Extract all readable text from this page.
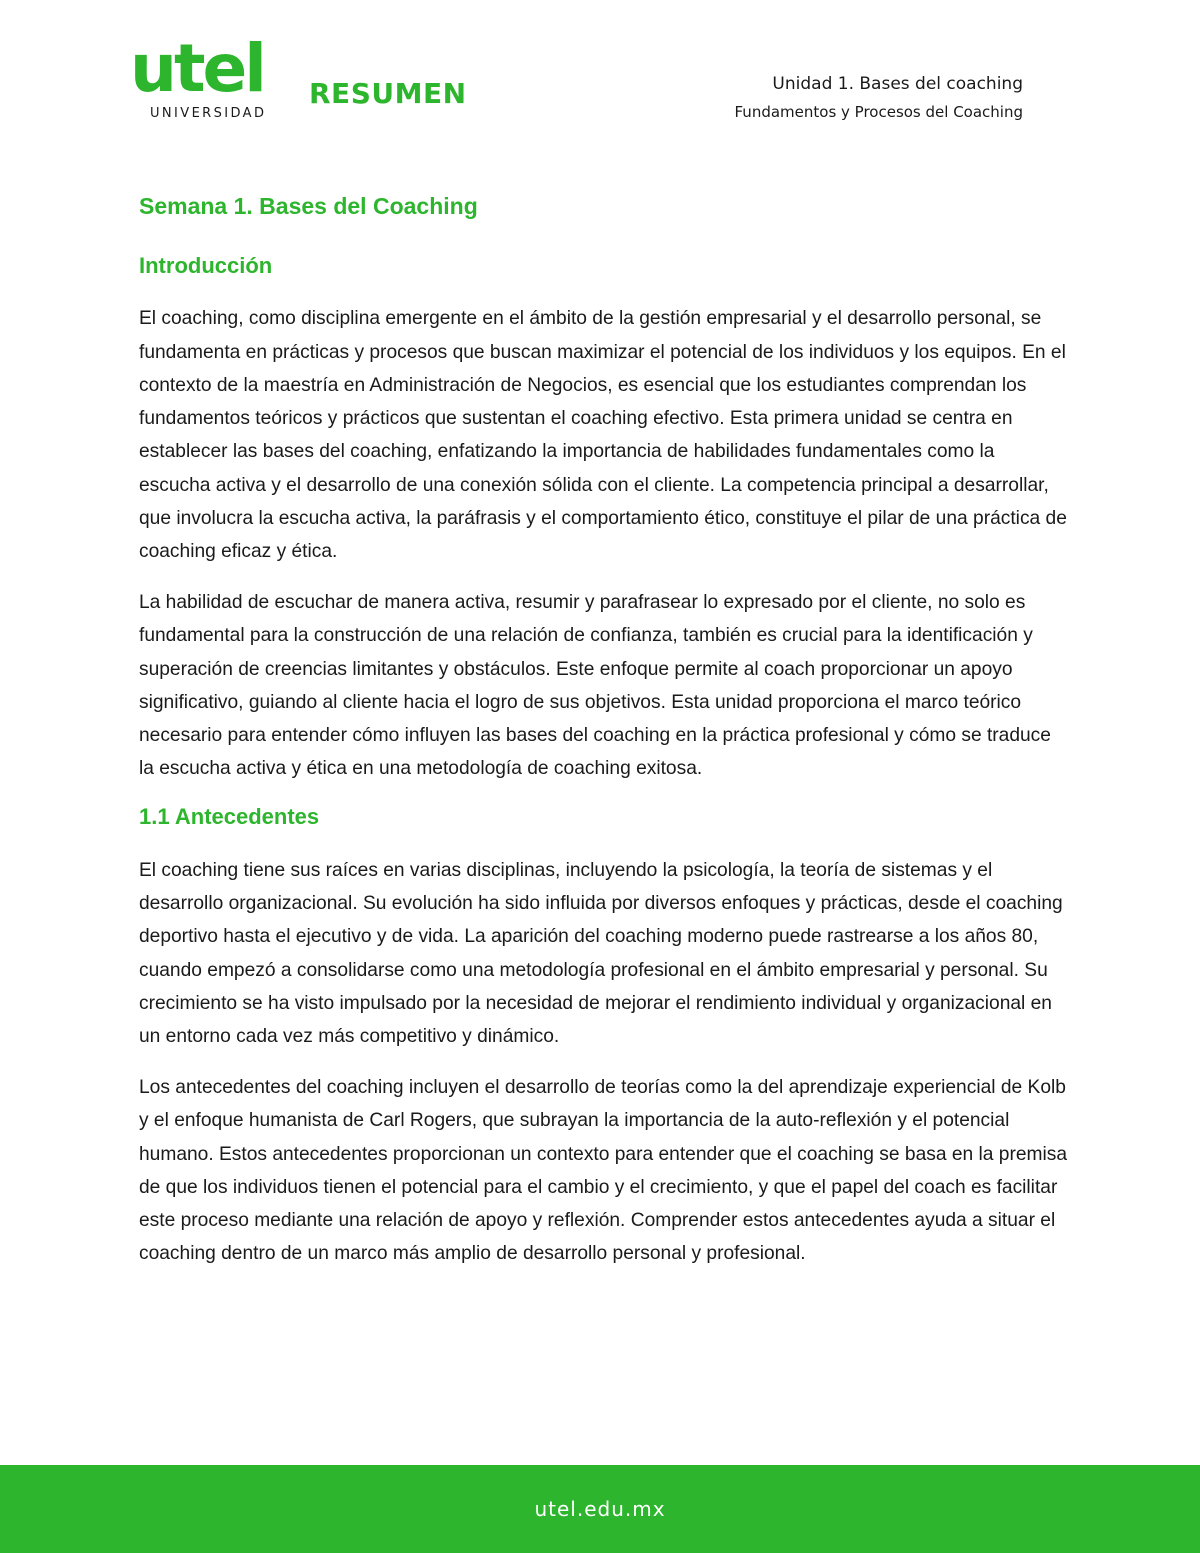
utel
UNIVERSIDAD
RESUMEN	Unidad 1. Bases del coaching
Fundamentos y Procesos del Coaching
Semana 1. Bases del Coaching
Introducción

El coaching, como disciplina emergente en el ámbito de la gestión empresarial y el desarrollo personal, se fundamenta en prácticas y procesos que buscan maximizar el potencial de los individuos y los equipos. En el contexto de la maestría en Administración de Negocios, es esencial que los estudiantes comprendan los fundamentos teóricos y prácticos que sustentan el coaching efectivo. Esta primera unidad se centra en establecer las bases del coaching, enfatizando la importancia de habilidades fundamentales como la escucha activa y el desarrollo de una conexión sólida con el cliente. La competencia principal a desarrollar, que involucra la escucha activa, la paráfrasis y el comportamiento ético, constituye el pilar de una práctica de coaching eficaz y ética.

La habilidad de escuchar de manera activa, resumir y parafrasear lo expresado por el cliente, no solo es fundamental para la construcción de una relación de confianza, también es crucial para la identificación y superación de creencias limitantes y obstáculos. Este enfoque permite al coach proporcionar un apoyo significativo, guiando al cliente hacia el logro de sus objetivos. Esta unidad proporciona el marco teórico necesario para entender cómo influyen las bases del coaching en la práctica profesional y cómo se traduce la escucha activa y ética en una metodología de coaching exitosa.

1.1 Antecedentes

El coaching tiene sus raíces en varias disciplinas, incluyendo la psicología, la teoría de sistemas y el desarrollo organizacional. Su evolución ha sido influida por diversos enfoques y prácticas, desde el coaching deportivo hasta el ejecutivo y de vida. La aparición del coaching moderno puede rastrearse a los años 80, cuando empezó a consolidarse como una metodología profesional en el ámbito empresarial y personal. Su crecimiento se ha visto impulsado por la necesidad de mejorar el rendimiento individual y organizacional en un entorno cada vez más competitivo y dinámico.

Los antecedentes del coaching incluyen el desarrollo de teorías como la del aprendizaje experiencial de Kolb y el enfoque humanista de Carl Rogers, que subrayan la importancia de la auto-reflexión y el potencial humano. Estos antecedentes proporcionan un contexto para entender que el coaching se basa en la premisa de que los individuos tienen el potencial para el cambio y el crecimiento, y que el papel del coach es facilitar este proceso mediante una relación de apoyo y reflexión. Comprender estos antecedentes ayuda a situar el coaching dentro de un marco más amplio de desarrollo personal y profesional.

utel.edu.mx
